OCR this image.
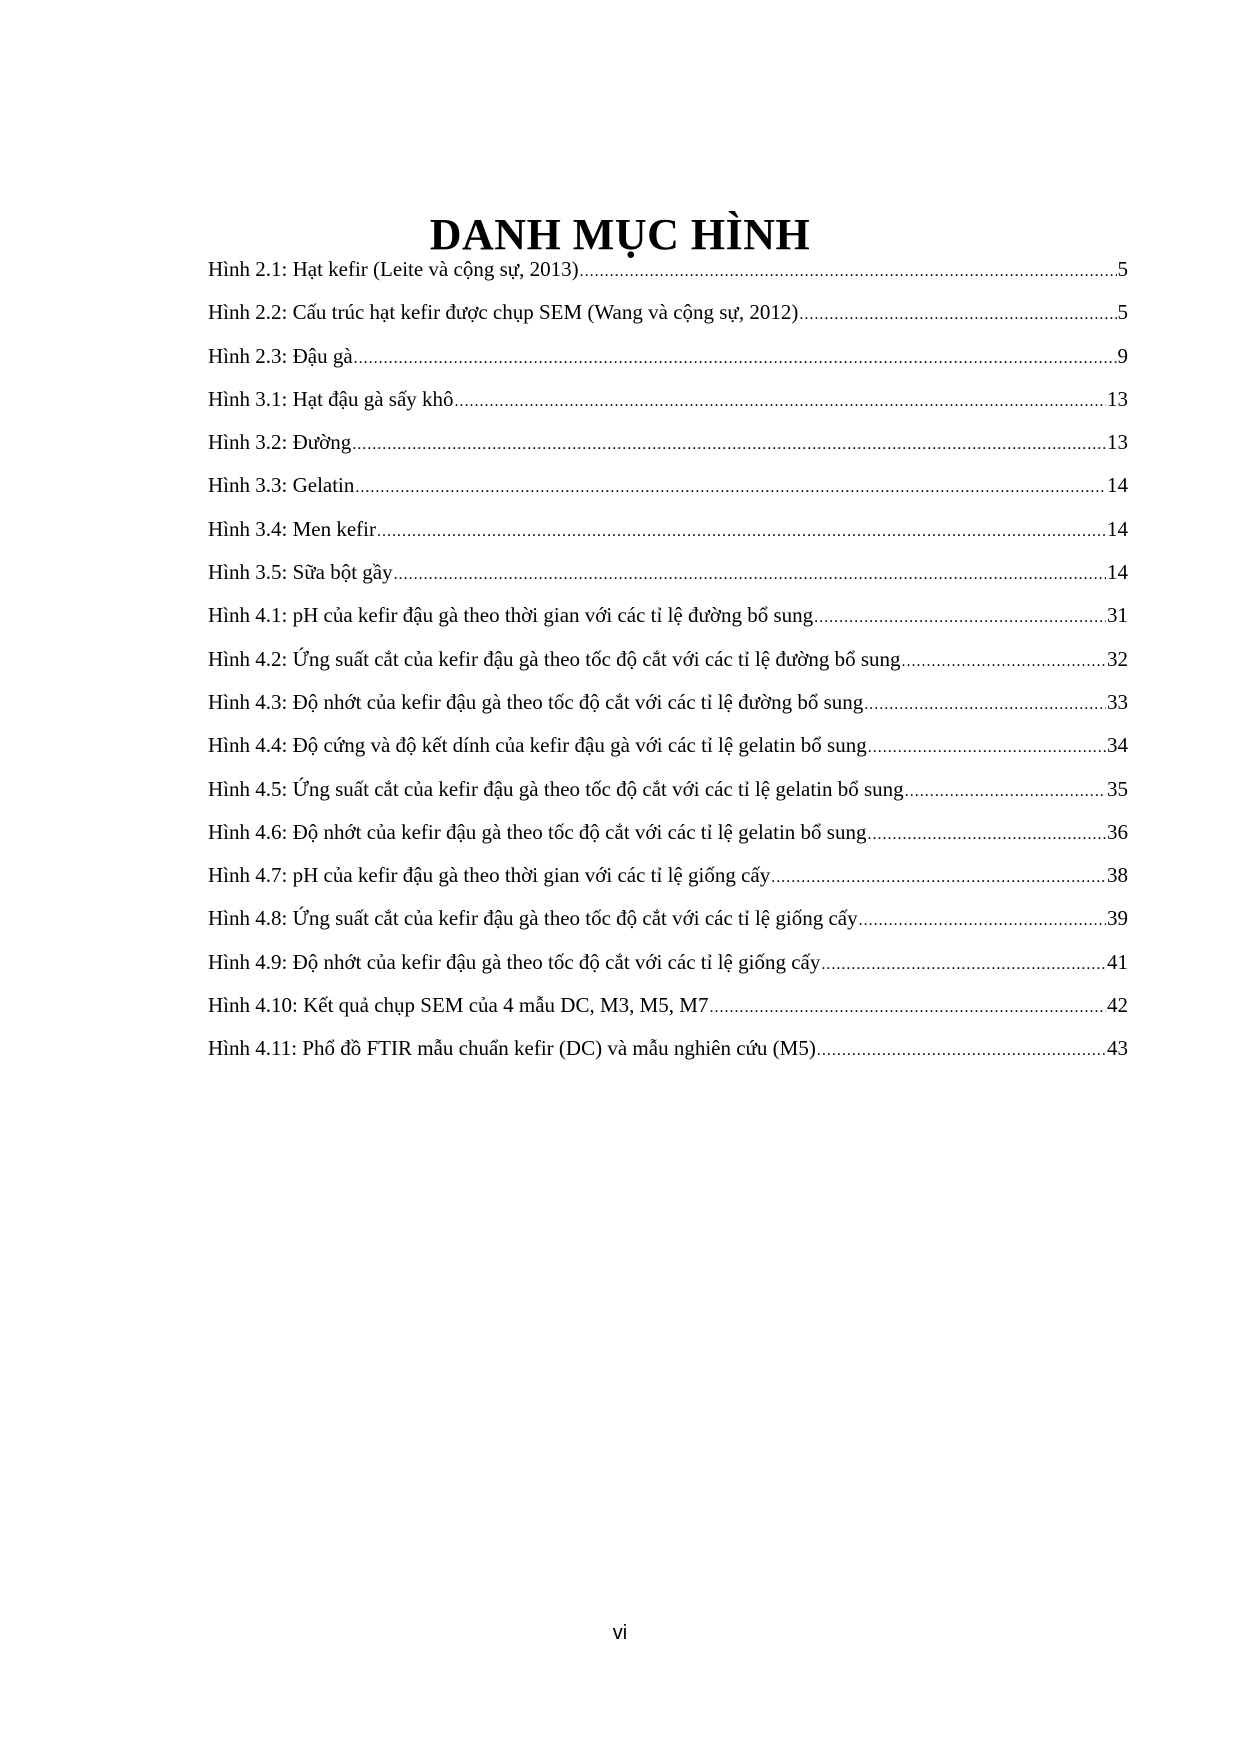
DANH MỤC HÌNH
Hình 2.1: Hạt kefir (Leite và cộng sự, 2013) .....	5
Hình 2.2: Cấu trúc hạt kefir được chụp SEM (Wang và cộng sự, 2012) .....	5
Hình 2.3: Đậu gà .....	9
Hình 3.1: Hạt đậu gà sấy khô .....	13
Hình 3.2: Đường .....	13
Hình 3.3: Gelatin .....	14
Hình 3.4: Men kefir .....	14
Hình 3.5: Sữa bột gầy .....	14
Hình 4.1: pH của kefir đậu gà theo thời gian với các tỉ lệ đường bổ sung .....	31
Hình 4.2: Ứng suất cắt của kefir đậu gà theo tốc độ cắt với các tỉ lệ đường bổ sung .....	32
Hình 4.3: Độ nhớt của kefir đậu gà theo tốc độ cắt với các tỉ lệ đường bổ sung .....	33
Hình 4.4: Độ cứng và độ kết dính của kefir đậu gà với các tỉ lệ gelatin bổ sung .....	34
Hình 4.5: Ứng suất cắt của kefir đậu gà theo tốc độ cắt với các tỉ lệ gelatin bổ sung .....	35
Hình 4.6: Độ nhớt của kefir đậu gà theo tốc độ cắt với các tỉ lệ gelatin bổ sung .....	36
Hình 4.7: pH của kefir đậu gà theo thời gian với các tỉ lệ giống cấy .....	38
Hình 4.8: Ứng suất cắt của kefir đậu gà theo tốc độ cắt với các tỉ lệ giống cấy .....	39
Hình 4.9: Độ nhớt của kefir đậu gà theo tốc độ cắt với các tỉ lệ giống cấy .....	41
Hình 4.10: Kết quả chụp SEM của 4 mẫu DC, M3, M5, M7 .....	42
Hình 4.11: Phổ đồ FTIR mẫu chuẩn kefir (DC) và mẫu nghiên cứu (M5) .....	43
vi
